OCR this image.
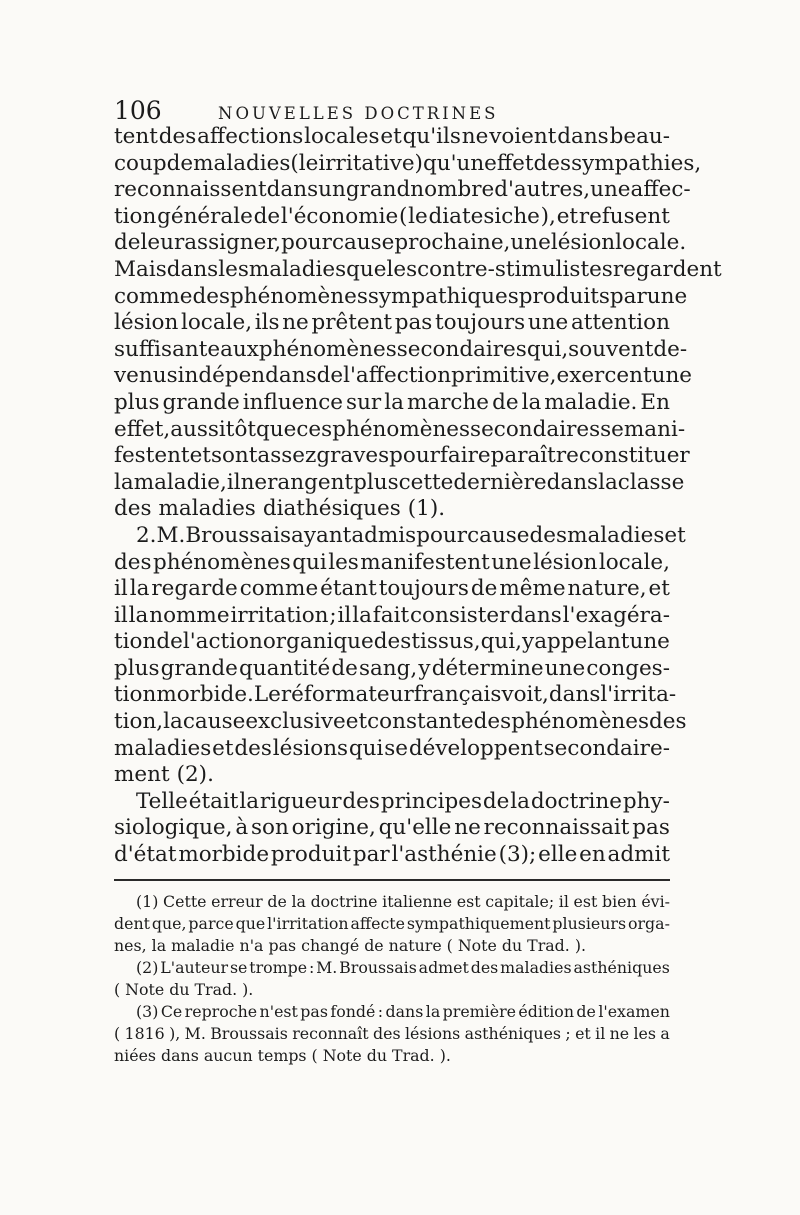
106	NOUVELLES DOCTRINES
tent des affections locales et qu'ils ne voient dans beau-
coup de maladies (le irritative) qu'un effet des sympathies,
reconnaissent dans un grand nombre d'autres, une affec-
tion générale de l'économie ( le diatesiche ), et refusent
de leur assigner, pour cause prochaine, une lésion locale.
Mais dans les maladies que les contre-stimulistes regardent
comme des phénomènes sympathiques produits par une
lésion locale, ils ne prêtent pas toujours une attention
suffisante aux phénomènes secondaires qui, souvent de-
venus indépendans de l'affection primitive, exercent une
plus grande influence sur la marche de la maladie. En
effet, aussitôt que ces phénomènes secondaires se mani-
festent et sont assez graves pour faire paraître constituer
la maladie, il ne rangent plus cette dernière dans la classe
des maladies diathésiques (1).
2. M. Broussais ayant admis pour cause des maladies et
des phénomènes qui les manifestent une lésion locale,
il la regarde comme étant toujours de même nature, et
il la nomme irritation ; il la fait consister dans l'exagéra-
tion de l'action organique des tissus, qui, y appelant une
plus grande quantité de sang, y détermine une conges-
tion morbide. Le réformateur français voit, dans l'irrita-
tion, la cause exclusive et constante des phénomènes des
maladies et des lésions qui se développent secondaire-
ment (2).
Telle était la rigueur des principes de la doctrine phy-
siologique, à son origine, qu'elle ne reconnaissait pas
d'état morbide produit par l'asthénie (3); elle en admit
(1) Cette erreur de la doctrine italienne est capitale; il est bien évi-
dent que, parce que l'irritation affecte sympathiquement plusieurs orga-
nes, la maladie n'a pas changé de nature ( Note du Trad. ).
(2) L'auteur se trompe : M. Broussais admet des maladies asthéniques
( Note du Trad. ).
(3) Ce reproche n'est pas fondé : dans la première édition de l'examen
( 1816 ), M. Broussais reconnaît des lésions asthéniques ; et il ne les a
niées dans aucun temps ( Note du Trad. ).
